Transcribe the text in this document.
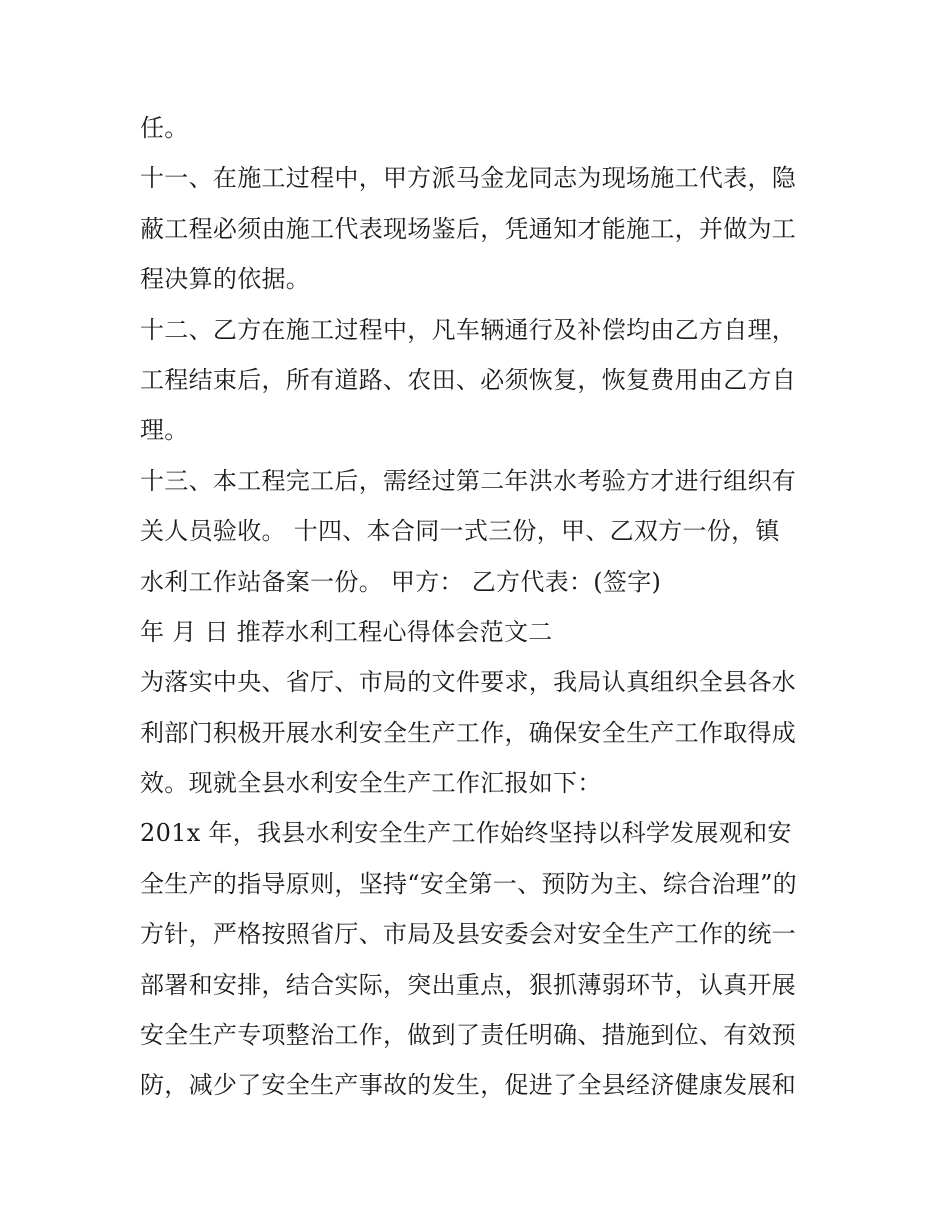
任。
十一、在施工过程中，甲方派马金龙同志为现场施工代表，隐
蔽工程必须由施工代表现场鉴后，凭通知才能施工，并做为工
程决算的依据。
十二、乙方在施工过程中，凡车辆通行及补偿均由乙方自理，
工程结束后，所有道路、农田、必须恢复，恢复费用由乙方自
理。
十三、本工程完工后，需经过第二年洪水考验方才进行组织有
关人员验收。 十四、本合同一式三份，甲、乙双方一份，镇
水利工作站备案一份。 甲方： 乙方代表：(签字)
年 月 日 推荐水利工程心得体会范文二
为落实中央、省厅、市局的文件要求，我局认真组织全县各水
利部门积极开展水利安全生产工作，确保安全生产工作取得成
效。现就全县水利安全生产工作汇报如下：
201x 年，我县水利安全生产工作始终坚持以科学发展观和安
全生产的指导原则，坚持“安全第一、预防为主、综合治理”的
方针，严格按照省厅、市局及县安委会对安全生产工作的统一
部署和安排，结合实际，突出重点，狠抓薄弱环节，认真开展
安全生产专项整治工作，做到了责任明确、措施到位、有效预
防，减少了安全生产事故的发生，促进了全县经济健康发展和
